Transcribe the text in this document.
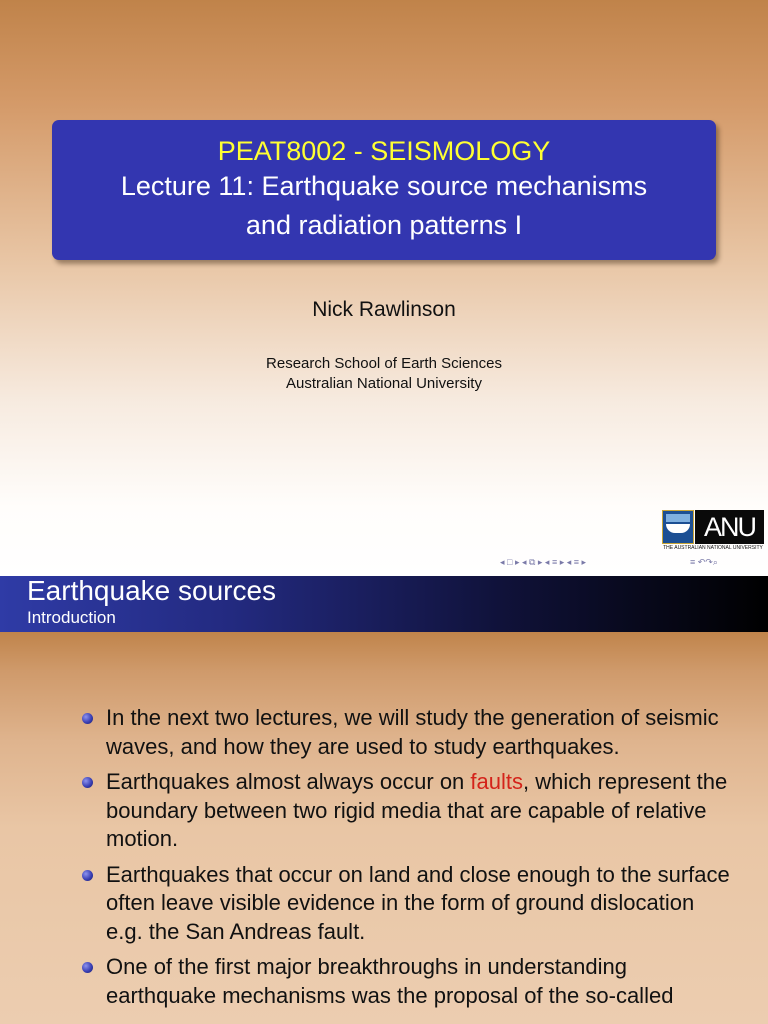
PEAT8002 - SEISMOLOGY
Lecture 11: Earthquake source mechanisms
and radiation patterns I
Nick Rawlinson
Research School of Earth Sciences
Australian National University
ANU
THE AUSTRALIAN NATIONAL UNIVERSITY
◂ □ ▸ ◂ ⧉ ▸ ◂ ≡ ▸ ◂ ≡ ▸	≡ ↶↷⌕
Earthquake sources
Introduction
In the next two lectures, we will study the generation of seismic waves, and how they are used to study earthquakes.
Earthquakes almost always occur on faults, which represent the boundary between two rigid media that are capable of relative motion.
Earthquakes that occur on land and close enough to the surface often leave visible evidence in the form of ground dislocation e.g. the San Andreas fault.
One of the first major breakthroughs in understanding earthquake mechanisms was the proposal of the so-called
